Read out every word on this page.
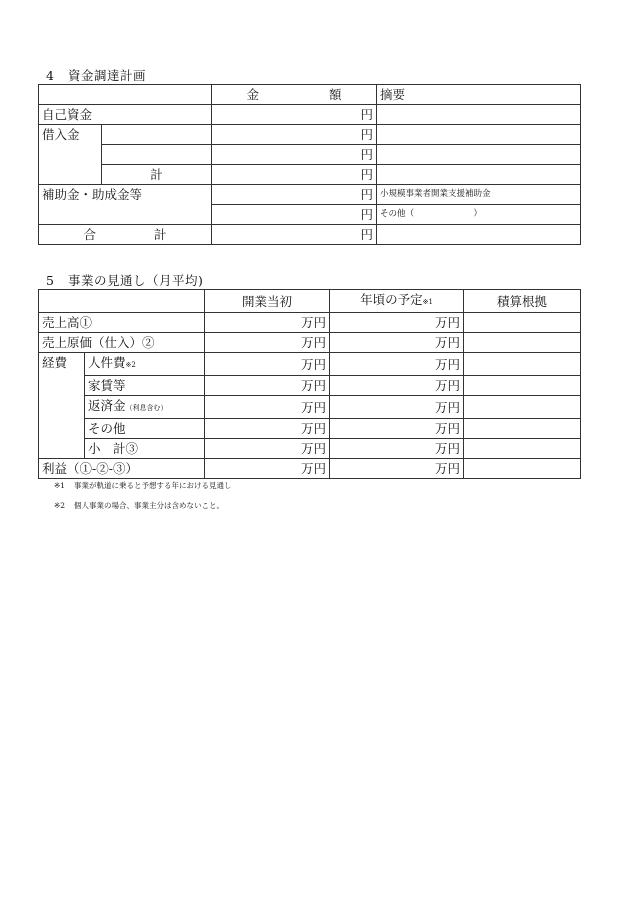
4 資金調達計画
		金 額	摘要
自己資金		円	
借入金		円	
		円	
	計	円	
補助金・助成金等		円	小規模事業者開業支援補助金
		円	その他（　　　　　　　）
合 計		円	
5 事業の見通し（月平均)
		開業当初	年頃の予定※1	積算根拠
売上高①		万円	万円	
売上原価（仕入）②		万円	万円	
経費	人件費※2	万円	万円	
	家賃等	万円	万円	
	返済金（利息含む）	万円	万円	
	その他	万円	万円	
	小　計③	万円	万円	
利益（①-②-③）		万円	万円	
※1 事業が軌道に乗ると予想する年における見通し
※2 個人事業の場合、事業主分は含めないこと。
